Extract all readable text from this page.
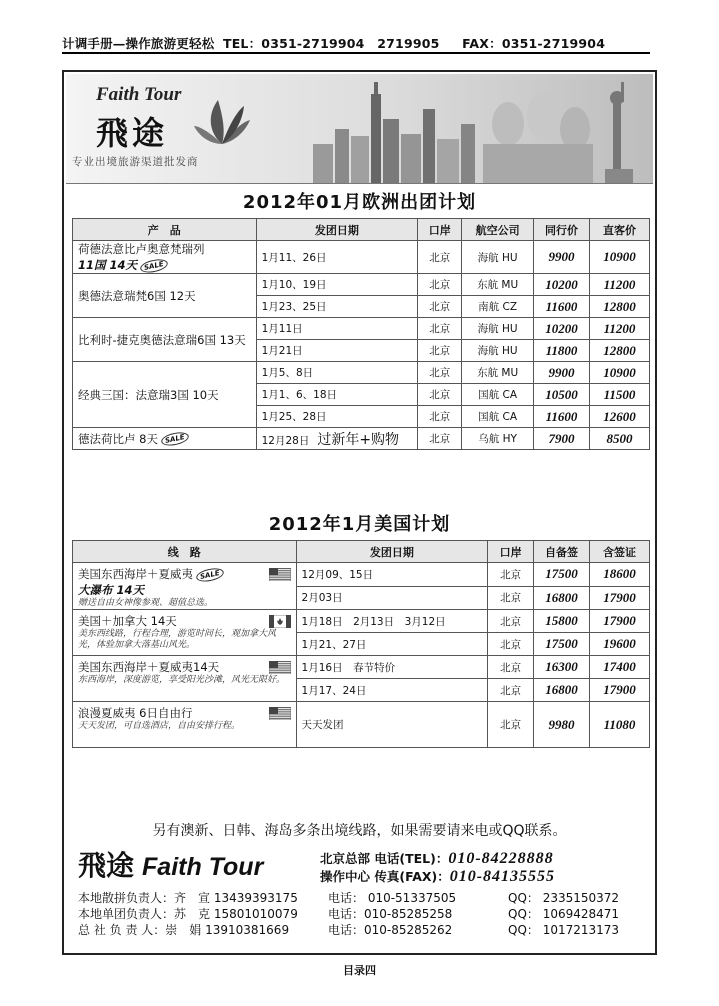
计调手册—操作旅游更轻松 TEL：0351-2719904　2719905 FAX：0351-2719904
Faith Tour
飛途
专业出境旅游渠道批发商
2012年01月欧洲出团计划
产　品	发团日期	口岸	航空公司	同行价	直客价
荷德法意比卢奥意梵瑞列
11国 14天 SALE	1月11、26日	北京	海航 HU	9900	10900
奥德法意瑞梵6国 12天	1月10、19日	北京	东航 MU	10200	11200
	1月23、25日	北京	南航 CZ	11600	12800
比利时-捷克奥德法意瑞6国 13天	1月11日	北京	海航 HU	10200	11200
	1月21日	北京	海航 HU	11800	12800
经典三国：法意瑞3国 10天	1月5、8日	北京	东航 MU	9900	10900
	1月1、6、18日	北京	国航 CA	10500	11500
	1月25、28日	北京	国航 CA	11600	12600
德法荷比卢 8天 SALE	12月28日 过新年+购物	北京	乌航 HY	7900	8500
2012年1月美国计划
线　路	发团日期	口岸	自备签	含签证

美国东西海岸＋夏威夷 SALE
大瀑布 14天
赠送自由女神像参观、超值总选。	12月09、15日	北京	17500	18600
	2月03日	北京	16800	17900

美国＋加拿大 14天
美东西线路，行程合理，游览时间长，观加拿大风光，体验加拿大落基山风光。	1月18日　2月13日　3月12日	北京	15800	17900
	1月21、27日	北京	17500	19600

美国东西海岸＋夏威夷14天
东西海岸，深度游览，享受阳光沙滩，风光无限好。	1月16日　春节特价	北京	16300	17400
	1月17、24日	北京	16800	17900

浪漫夏威夷 6日自由行
天天发团，可自选酒店，自由安排行程。	天天发团	北京	9980	11080
另有澳新、日韩、海岛多条出境线路，如果需要请来电或QQ联系。
飛途 Faith Tour	北京总部 电话(TEL)：010-84228888
操作中心 传真(FAX)：010-84135555
本地散拼负责人：齐　宣 13439393175	电话： 010-51337505	QQ： 2335150372
本地单团负责人：苏　克 15801010079	电话：010-85285258	QQ： 1069428471
总 社 负 责 人：崇　娟 13910381669	电话：010-85285262	QQ： 1017213173
目录四
